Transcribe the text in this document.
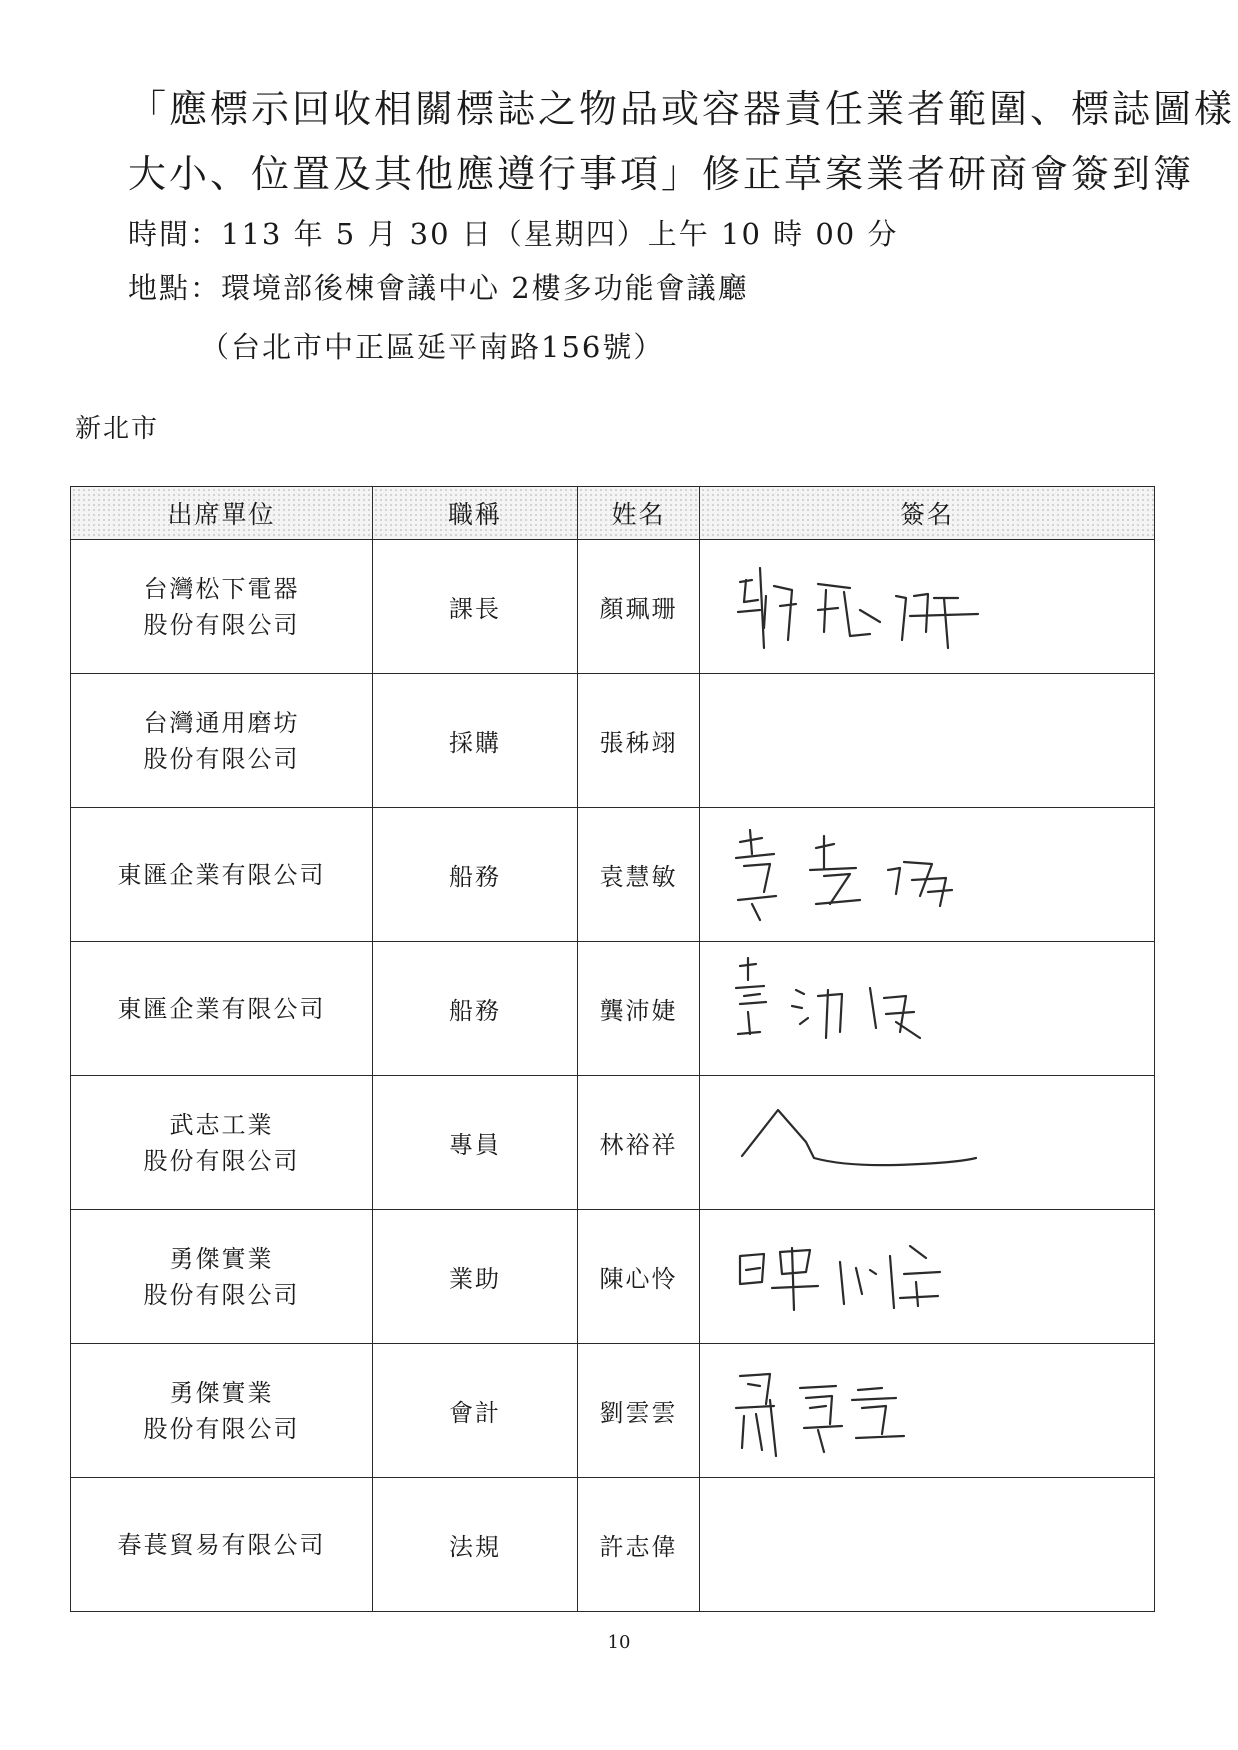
「應標示回收相關標誌之物品或容器責任業者範圍、標誌圖樣
大小、位置及其他應遵行事項」修正草案業者研商會簽到簿
時間：113 年 5 月 30 日（星期四）上午 10 時 00 分
地點：環境部後棟會議中心 2樓多功能會議廳
（台北市中正區延平南路156號）
新北市
出席單位	職稱	姓名	簽名

台灣松下電器
股份有限公司	課長	顏珮珊	

台灣通用磨坊
股份有限公司	採購	張秭翊	

東匯企業有限公司	船務	袁慧敏	

東匯企業有限公司	船務	龔沛婕	

武志工業
股份有限公司	專員	林裕祥	

勇傑實業
股份有限公司	業助	陳心怜	

勇傑實業
股份有限公司	會計	劉雲雲	

春萇貿易有限公司	法規	許志偉	
10
